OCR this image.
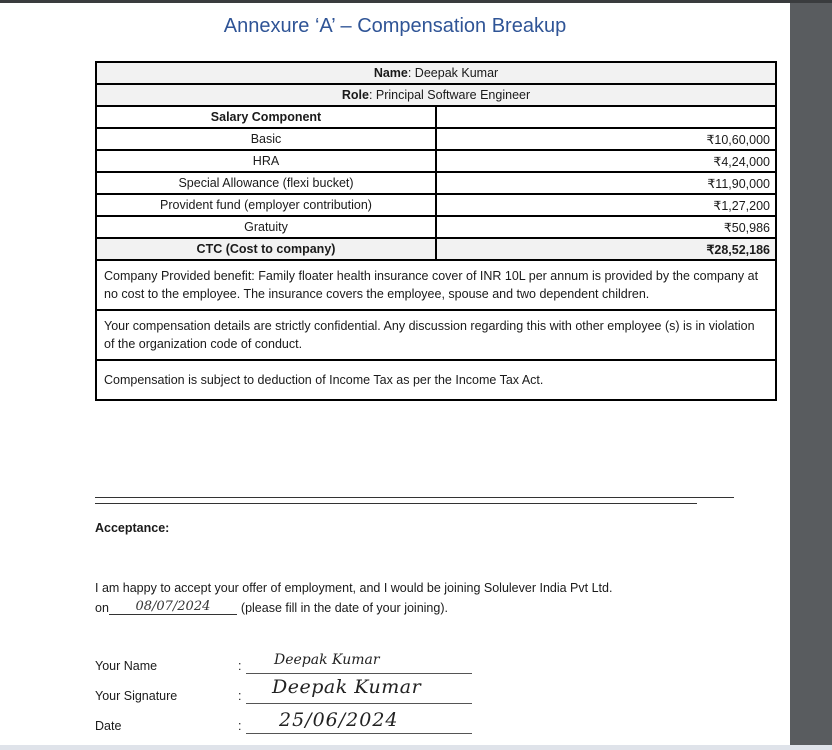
Annexure ‘A’ – Compensation Breakup
Name: Deepak Kumar	
Role: Principal Software Engineer	
Salary Component	
Basic	₹10,60,000
HRA	₹4,24,000
Special Allowance (flexi bucket)	₹11,90,000
Provident fund (employer contribution)	₹1,27,200
Gratuity	₹50,986
CTC (Cost to company)	₹28,52,186
Company Provided benefit: Family floater health insurance cover of INR 10L per annum is provided by the company at no cost to the employee. The insurance covers the employee, spouse and two dependent children.	
Your compensation details are strictly confidential. Any discussion regarding this with other employee (s) is in violation of the organization code of conduct.	
Compensation is subject to deduction of Income Tax as per the Income Tax Act.	
Acceptance:
I am happy to accept your offer of employment, and I would be joining Solulever India Pvt Ltd.
on 08/07/2024 (please fill in the date of your joining).
Your Name	: Deepak Kumar
Your Signature	: Deepak Kumar
Date	: 25/06/2024
